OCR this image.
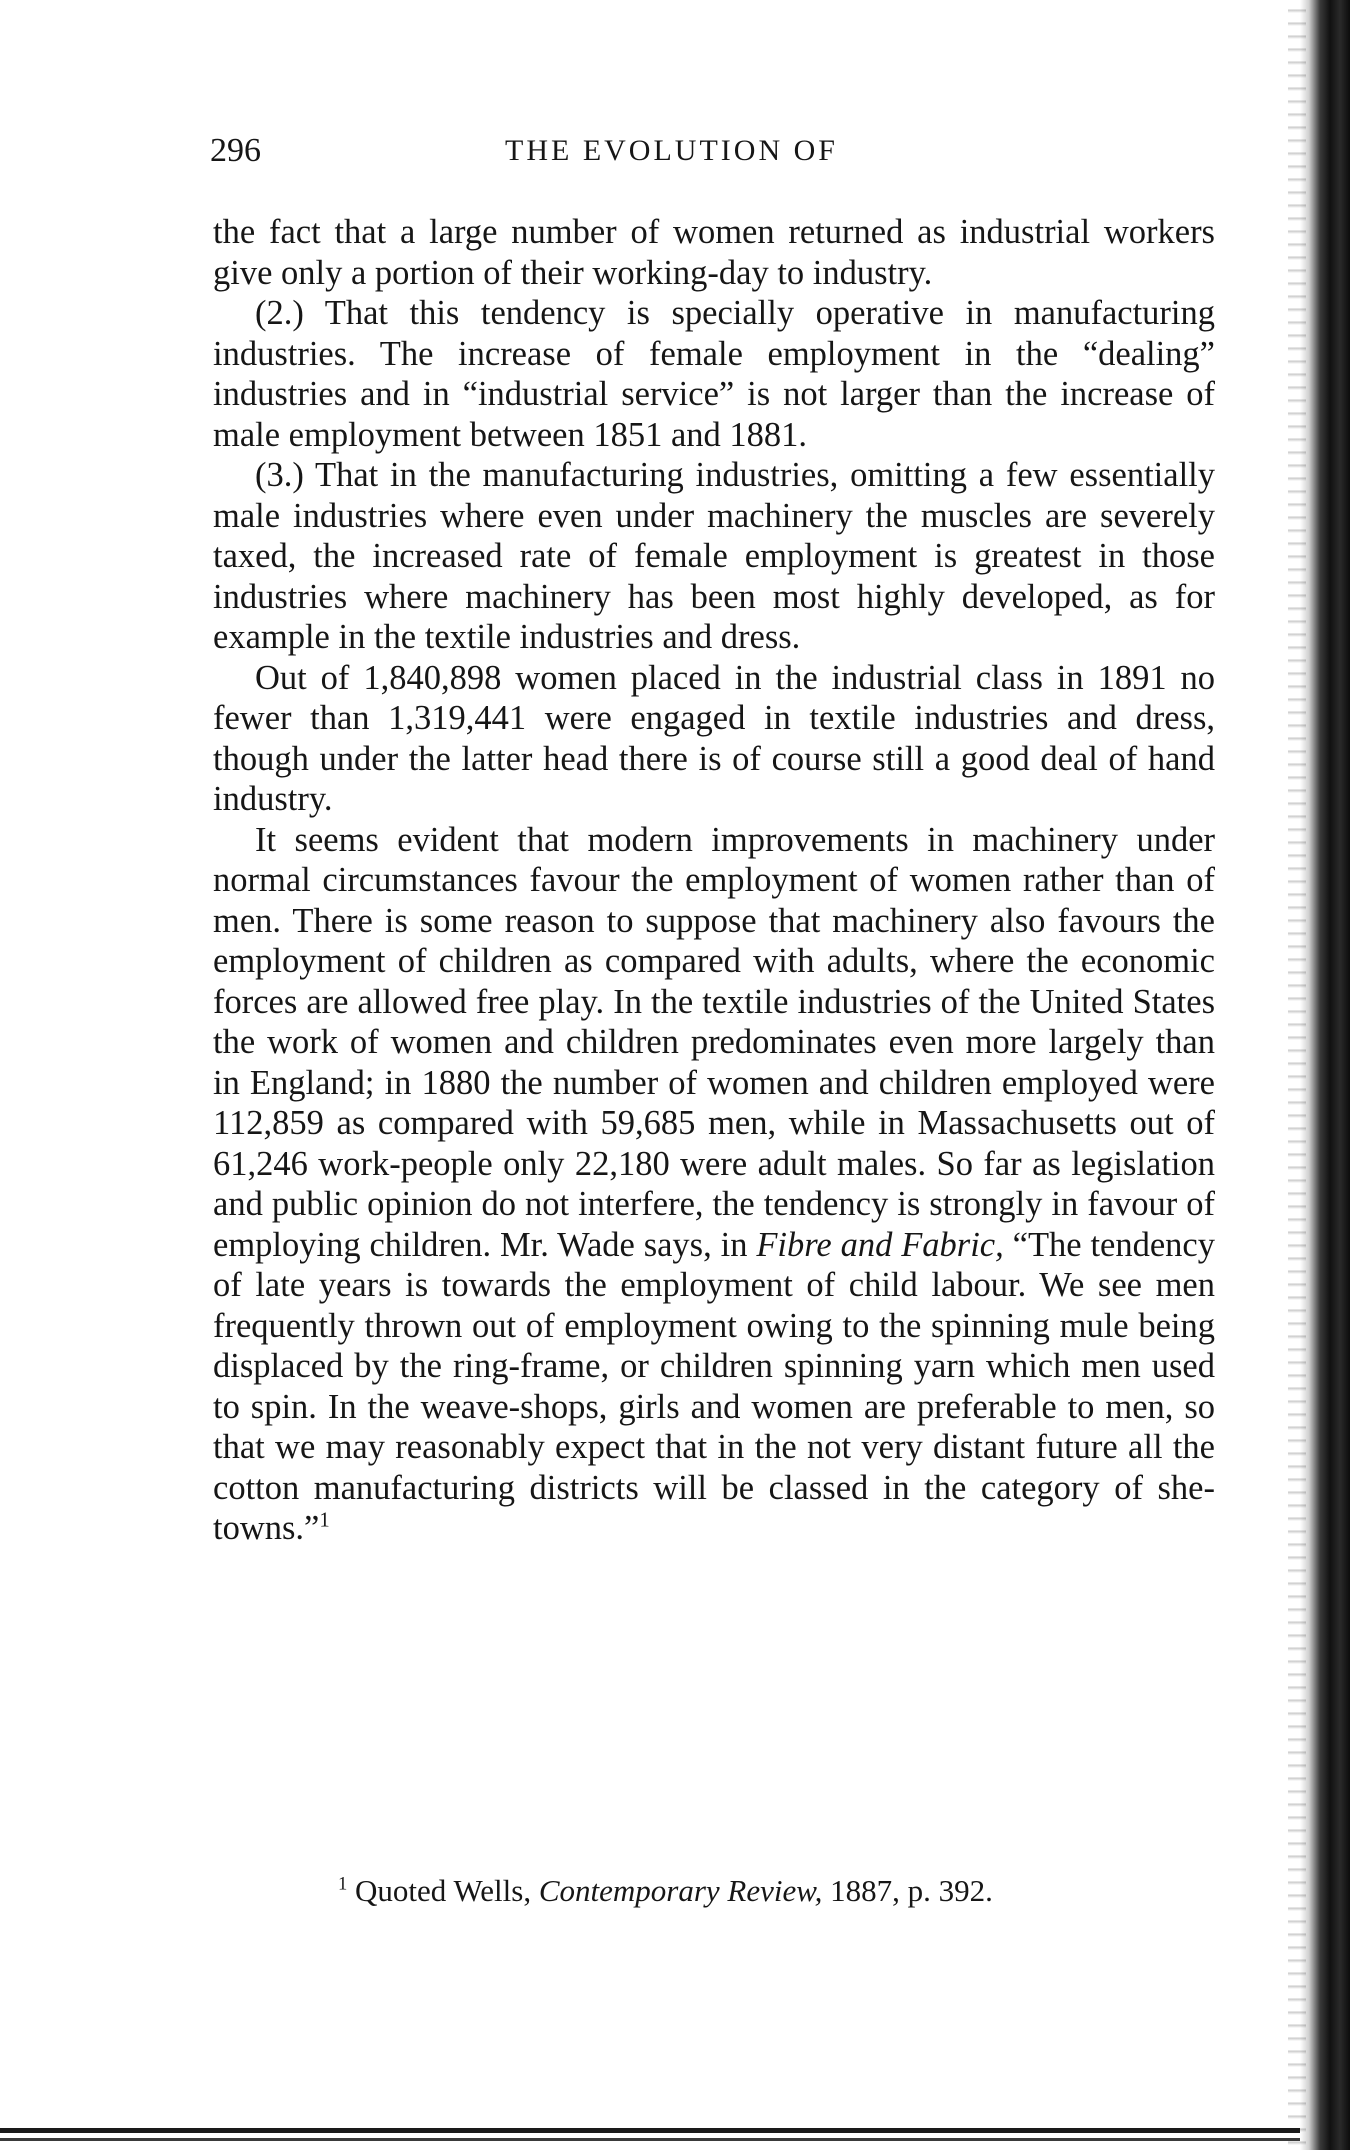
296	THE EVOLUTION OF

the fact that a large number of women returned as industrial workers give only a portion of their working-day to industry.

(2.) That this tendency is specially operative in manufacturing industries. The increase of female employment in the “dealing” industries and in “industrial service” is not larger than the increase of male employment between 1851 and 1881.

(3.) That in the manufacturing industries, omitting a few essentially male industries where even under machinery the muscles are severely taxed, the increased rate of female employment is greatest in those industries where machinery has been most highly developed, as for example in the textile industries and dress.

Out of 1,840,898 women placed in the industrial class in 1891 no fewer than 1,319,441 were engaged in textile industries and dress, though under the latter head there is of course still a good deal of hand industry.

It seems evident that modern improvements in machinery under normal circumstances favour the employment of women rather than of men. There is some reason to suppose that machinery also favours the employment of children as compared with adults, where the economic forces are allowed free play. In the textile industries of the United States the work of women and children predominates even more largely than in England; in 1880 the number of women and children employed were 112,859 as compared with 59,685 men, while in Massachusetts out of 61,246 work-people only 22,180 were adult males. So far as legislation and public opinion do not interfere, the tendency is strongly in favour of employing children. Mr. Wade says, in Fibre and Fabric, “The tendency of late years is towards the employment of child labour. We see men frequently thrown out of employment owing to the spinning mule being displaced by the ring-frame, or children spinning yarn which men used to spin. In the weave-shops, girls and women are preferable to men, so that we may reasonably expect that in the not very distant future all the cotton manufacturing districts will be classed in the category of she-towns.”$^1$

$^1$ Quoted Wells, Contemporary Review, 1887, p. 392.
